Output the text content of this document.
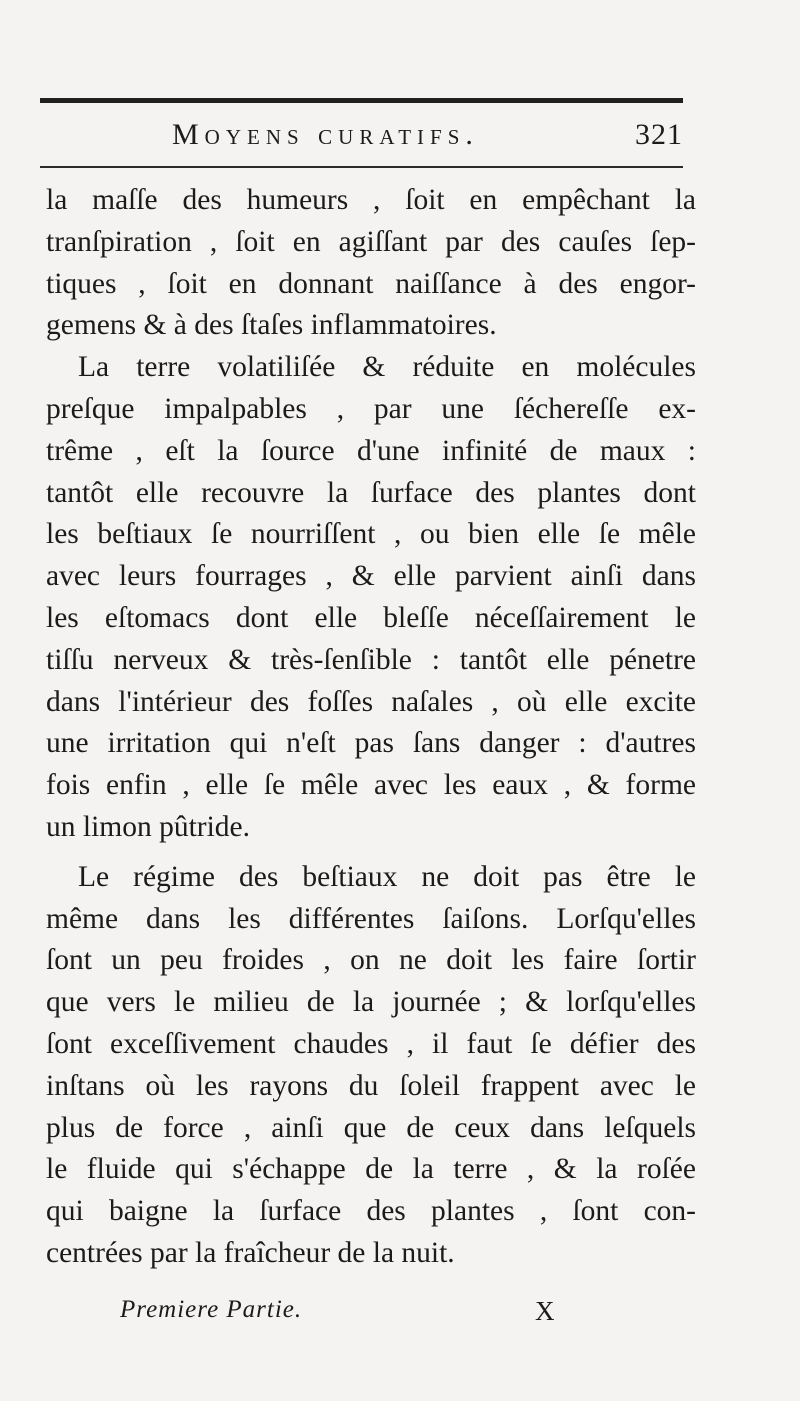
Moyens curatifs.	321
la maſſe des humeurs , ſoit en empêchant la
tranſpiration , ſoit en agiſſant par des cauſes ſep-
tiques , ſoit en donnant naiſſance à des engor-
gemens & à des ſtaſes inflammatoires.
La terre volatiliſée & réduite en molécules
preſque impalpables , par une ſéchereſſe ex-
trême , eſt la ſource d'une infinité de maux :
tantôt elle recouvre la ſurface des plantes dont
les beſtiaux ſe nourriſſent , ou bien elle ſe mêle
avec leurs fourrages , & elle parvient ainſi dans
les eſtomacs dont elle bleſſe néceſſairement le
tiſſu nerveux & très-ſenſible : tantôt elle pénetre
dans l'intérieur des foſſes naſales , où elle excite
une irritation qui n'eſt pas ſans danger : d'autres
fois enfin , elle ſe mêle avec les eaux , & forme
un limon pûtride.
Le régime des beſtiaux ne doit pas être le
même dans les différentes ſaiſons. Lorſqu'elles
ſont un peu froides , on ne doit les faire ſortir
que vers le milieu de la journée ; & lorſqu'elles
ſont exceſſivement chaudes , il faut ſe défier des
inſtans où les rayons du ſoleil frappent avec le
plus de force , ainſi que de ceux dans leſquels
le fluide qui s'échappe de la terre , & la roſée
qui baigne la ſurface des plantes , ſont con-
centrées par la fraîcheur de la nuit.
Premiere Partie.	X
